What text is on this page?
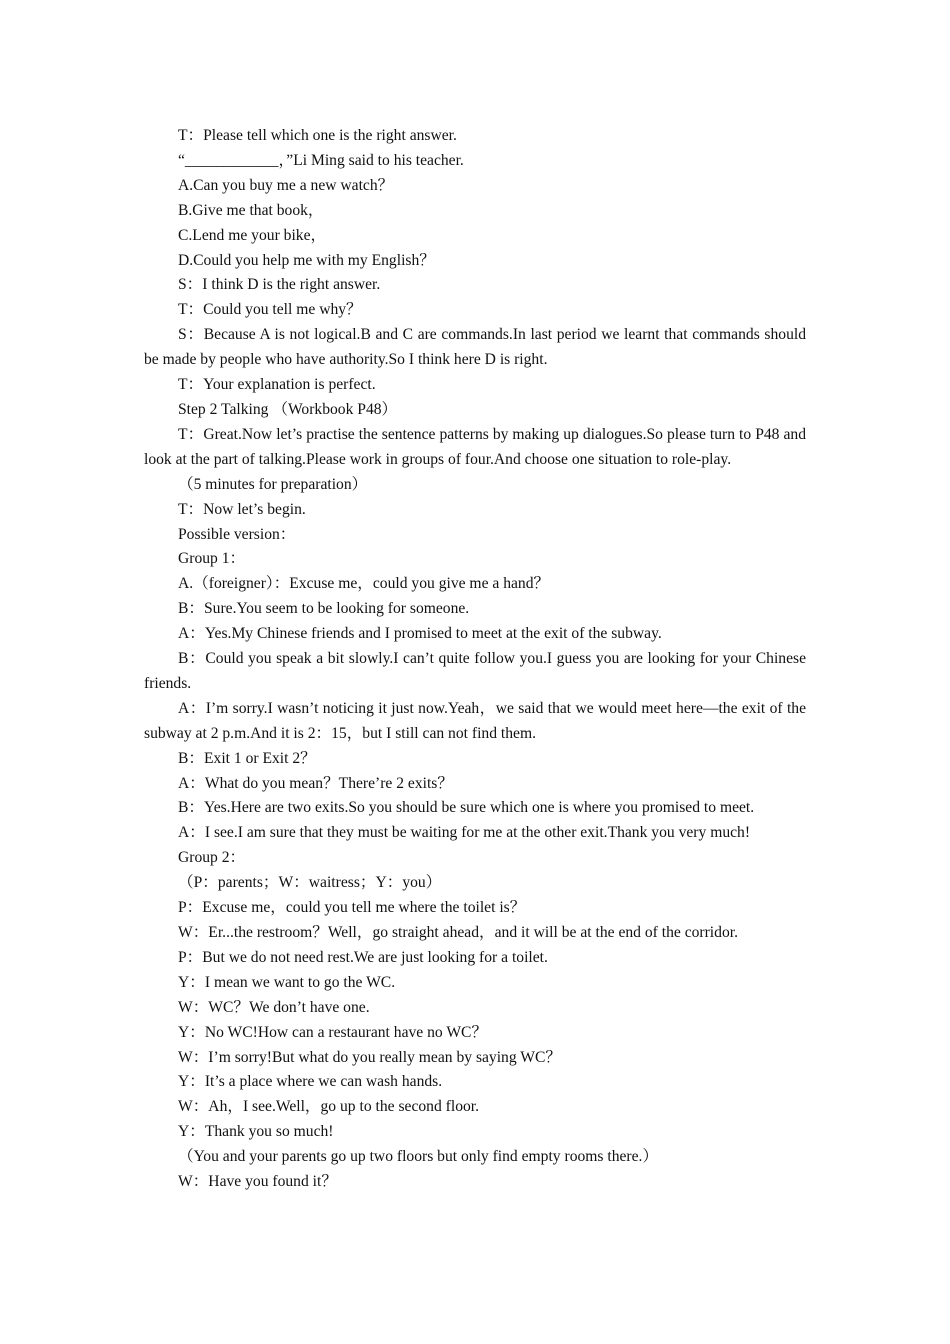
T：Please tell which one is the right answer.

“____________，”Li Ming said to his teacher.

A.Can you buy me a new watch？

B.Give me that book，

C.Lend me your bike，

D.Could you help me with my English？

S：I think D is the right answer.

T：Could you tell me why？

S：Because A is not logical.B and C are commands.In last period we learnt that commands should be made by people who have authority.So I think here D is right.

T：Your explanation is perfect.

Step 2 Talking （Workbook P48）

T：Great.Now let’s practise the sentence patterns by making up dialogues.So please turn to P48 and look at the part of talking.Please work in groups of four.And choose one situation to role-play.

（5 minutes for preparation）

T：Now let’s begin.

Possible version：

Group 1：

A.（foreigner）：Excuse me，could you give me a hand？

B：Sure.You seem to be looking for someone.

A：Yes.My Chinese friends and I promised to meet at the exit of the subway.

B：Could you speak a bit slowly.I can’t quite follow you.I guess you are looking for your Chinese friends.

A：I’m sorry.I wasn’t noticing it just now.Yeah，we said that we would meet here—the exit of the subway at 2 p.m.And it is 2：15，but I still can not find them.

B：Exit 1 or Exit 2？

A：What do you mean？There’re 2 exits？

B：Yes.Here are two exits.So you should be sure which one is where you promised to meet.

A：I see.I am sure that they must be waiting for me at the other exit.Thank you very much!

Group 2：

（P：parents；W：waitress；Y：you）

P：Excuse me，could you tell me where the toilet is？

W：Er...the restroom？Well，go straight ahead，and it will be at the end of the corridor.

P：But we do not need rest.We are just looking for a toilet.

Y：I mean we want to go the WC.

W：WC？We don’t have one.

Y：No WC!How can a restaurant have no WC？

W：I’m sorry!But what do you really mean by saying WC？

Y：It’s a place where we can wash hands.

W：Ah，I see.Well，go up to the second floor.

Y：Thank you so much!

（You and your parents go up two floors but only find empty rooms there.）

W：Have you found it？
